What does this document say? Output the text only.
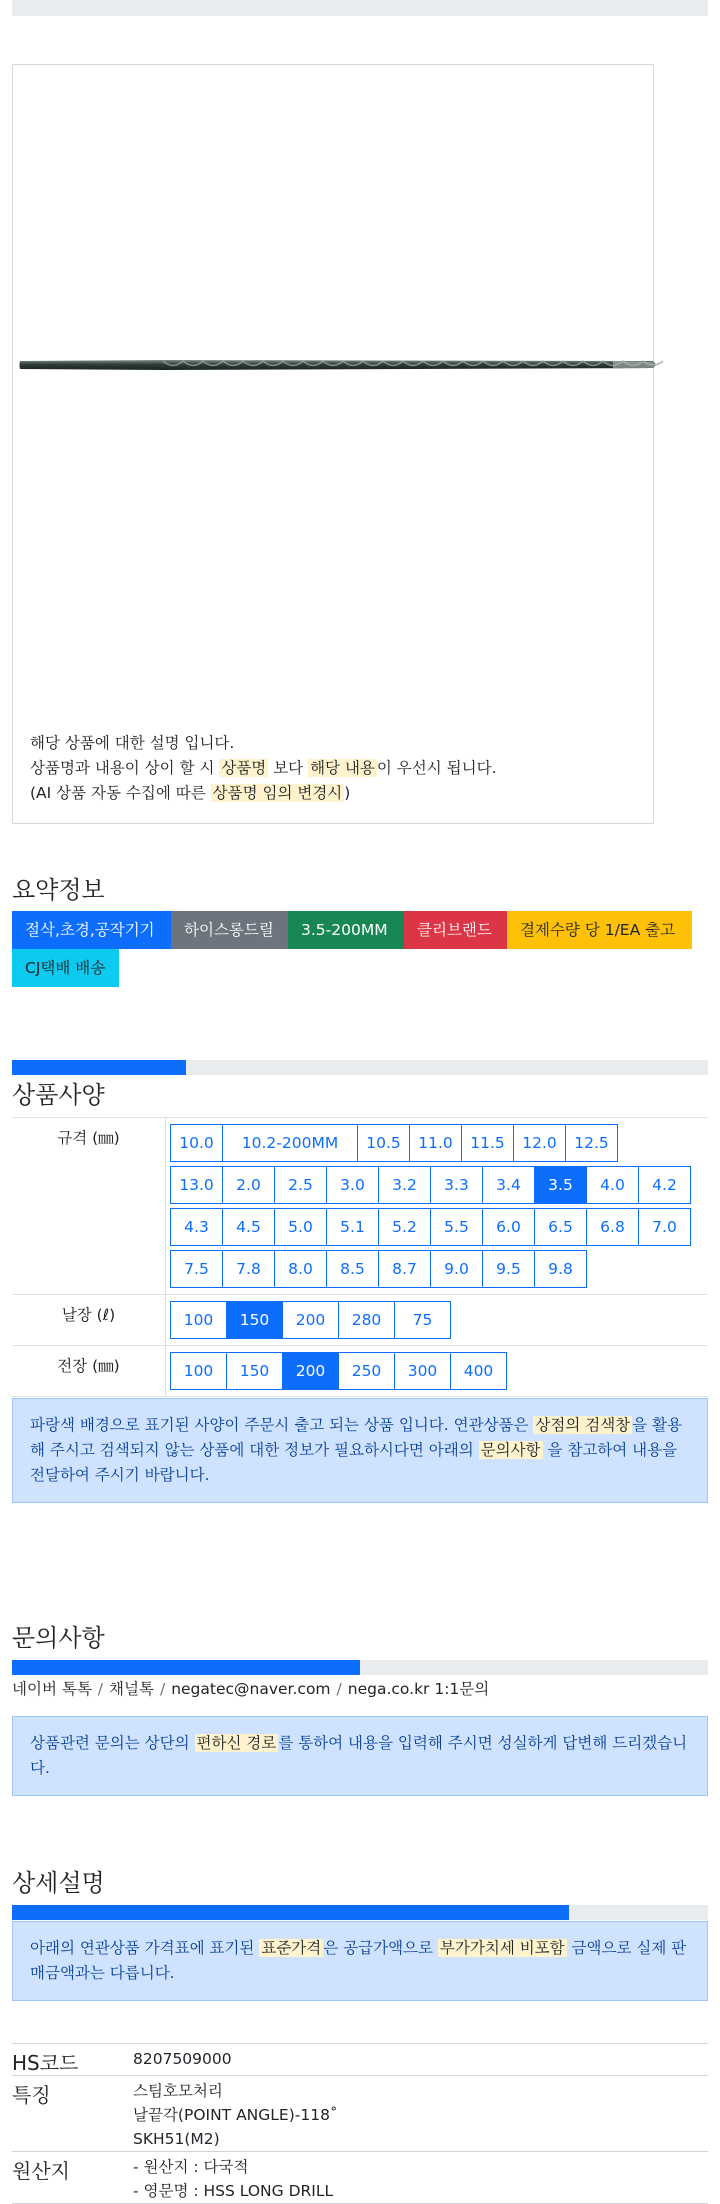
해당 상품에 대한 설명 입니다.
상품명과 내용이 상이 할 시 상품명 보다 해당 내용 이 우선시 됩니다.
(AI 상품 자동 수집에 따른 상품명 임의 변경시 )
요약정보
절삭,초경,공작기기	하이스롱드릴	3.5-200MM	클리브랜드	결제수량 당 1/EA 출고
CJ택배 배송
상품사양
규격 (㎜)	10.0	10.2-200MM	10.5	11.0	11.5	12.0	12.5
13.0	2.0	2.5	3.0	3.2	3.3	3.4	3.5	4.0	4.2
4.3	4.5	5.0	5.1	5.2	5.5	6.0	6.5	6.8	7.0
7.5	7.8	8.0	8.5	8.7	9.0	9.5	9.8
날장 (ℓ)	100	150	200	280	75
전장 (㎜)	100	150	200	250	300	400
파랑색 배경으로 표기된 사양이 주문시 출고 되는 상품 입니다. 연관상품은 상점의 검색창 을 활용해 주시고 검색되지 않는 상품에 대한 정보가 필요하시다면 아래의 문의사항 을 참고하여 내용을 전달하여 주시기 바랍니다.
문의사항
네이버 톡톡 / 채널톡 / negatec@naver.com / nega.co.kr 1:1문의
상품관련 문의는 상단의 편하신 경로 를 통하여 내용을 입력해 주시면 성실하게 답변해 드리겠습니다.
상세설명
아래의 연관상품 가격표에 표기된 표준가격 은 공급가액으로 부가가치세 비포함 금액으로 실제 판매금액과는 다릅니다.
HS코드	8207509000
특징	스팀호모처리
날끝각(POINT ANGLE)-118˚
SKH51(M2)
원산지	- 원산지 : 다국적
- 영문명 : HSS LONG DRILL
